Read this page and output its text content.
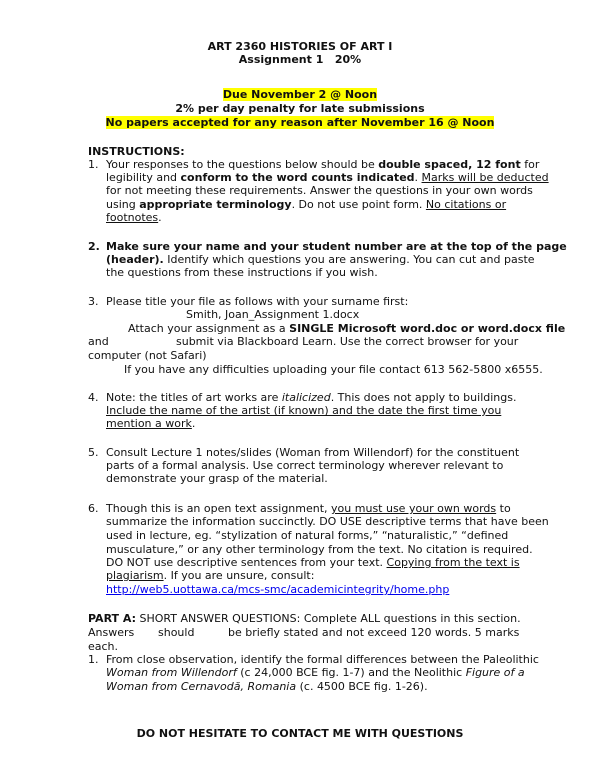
ART 2360 HISTORIES OF ART I
Assignment 1 20%
Due November 2 @ Noon
2% per day penalty for late submissions
No papers accepted for any reason after November 16 @ Noon
INSTRUCTIONS:
1. Your responses to the questions below should be double spaced, 12 font for
legibility and conform to the word counts indicated. Marks will be deducted
for not meeting these requirements. Answer the questions in your own words
using appropriate terminology. Do not use point form. No citations or
footnotes.
2. Make sure your name and your student number are at the top of the page
(header). Identify which questions you are answering. You can cut and paste
the questions from these instructions if you wish.
3. Please title your file as follows with your surname first:
Smith, Joan_Assignment 1.docx
Attach your assignment as a SINGLE Microsoft word.doc or word.docx file
and	submit via Blackboard Learn. Use the correct browser for your
computer (not Safari)
If you have any difficulties uploading your file contact 613 562-5800 x6555.
4. Note: the titles of art works are italicized. This does not apply to buildings.
Include the name of the artist (if known) and the date the first time you
mention a work.
5. Consult Lecture 1 notes/slides (Woman from Willendorf) for the constituent
parts of a formal analysis. Use correct terminology wherever relevant to
demonstrate your grasp of the material.
6. Though this is an open text assignment, you must use your own words to
summarize the information succinctly. DO USE descriptive terms that have been
used in lecture, eg. “stylization of natural forms,” “naturalistic,” “defined
musculature,” or any other terminology from the text. No citation is required.
DO NOT use descriptive sentences from your text. Copying from the text is
plagiarism. If you are unsure, consult:
http://web5.uottawa.ca/mcs-smc/academicintegrity/home.php
PART A: SHORT ANSWER QUESTIONS: Complete ALL questions in this section.
Answers should	be briefly stated and not exceed 120 words. 5 marks
each.
1. From close observation, identify the formal differences between the Paleolithic
Woman from Willendorf (c 24,000 BCE fig. 1-7) and the Neolithic Figure of a
Woman from Cernavodă, Romania (c. 4500 BCE fig. 1-26).
DO NOT HESITATE TO CONTACT ME WITH QUESTIONS
